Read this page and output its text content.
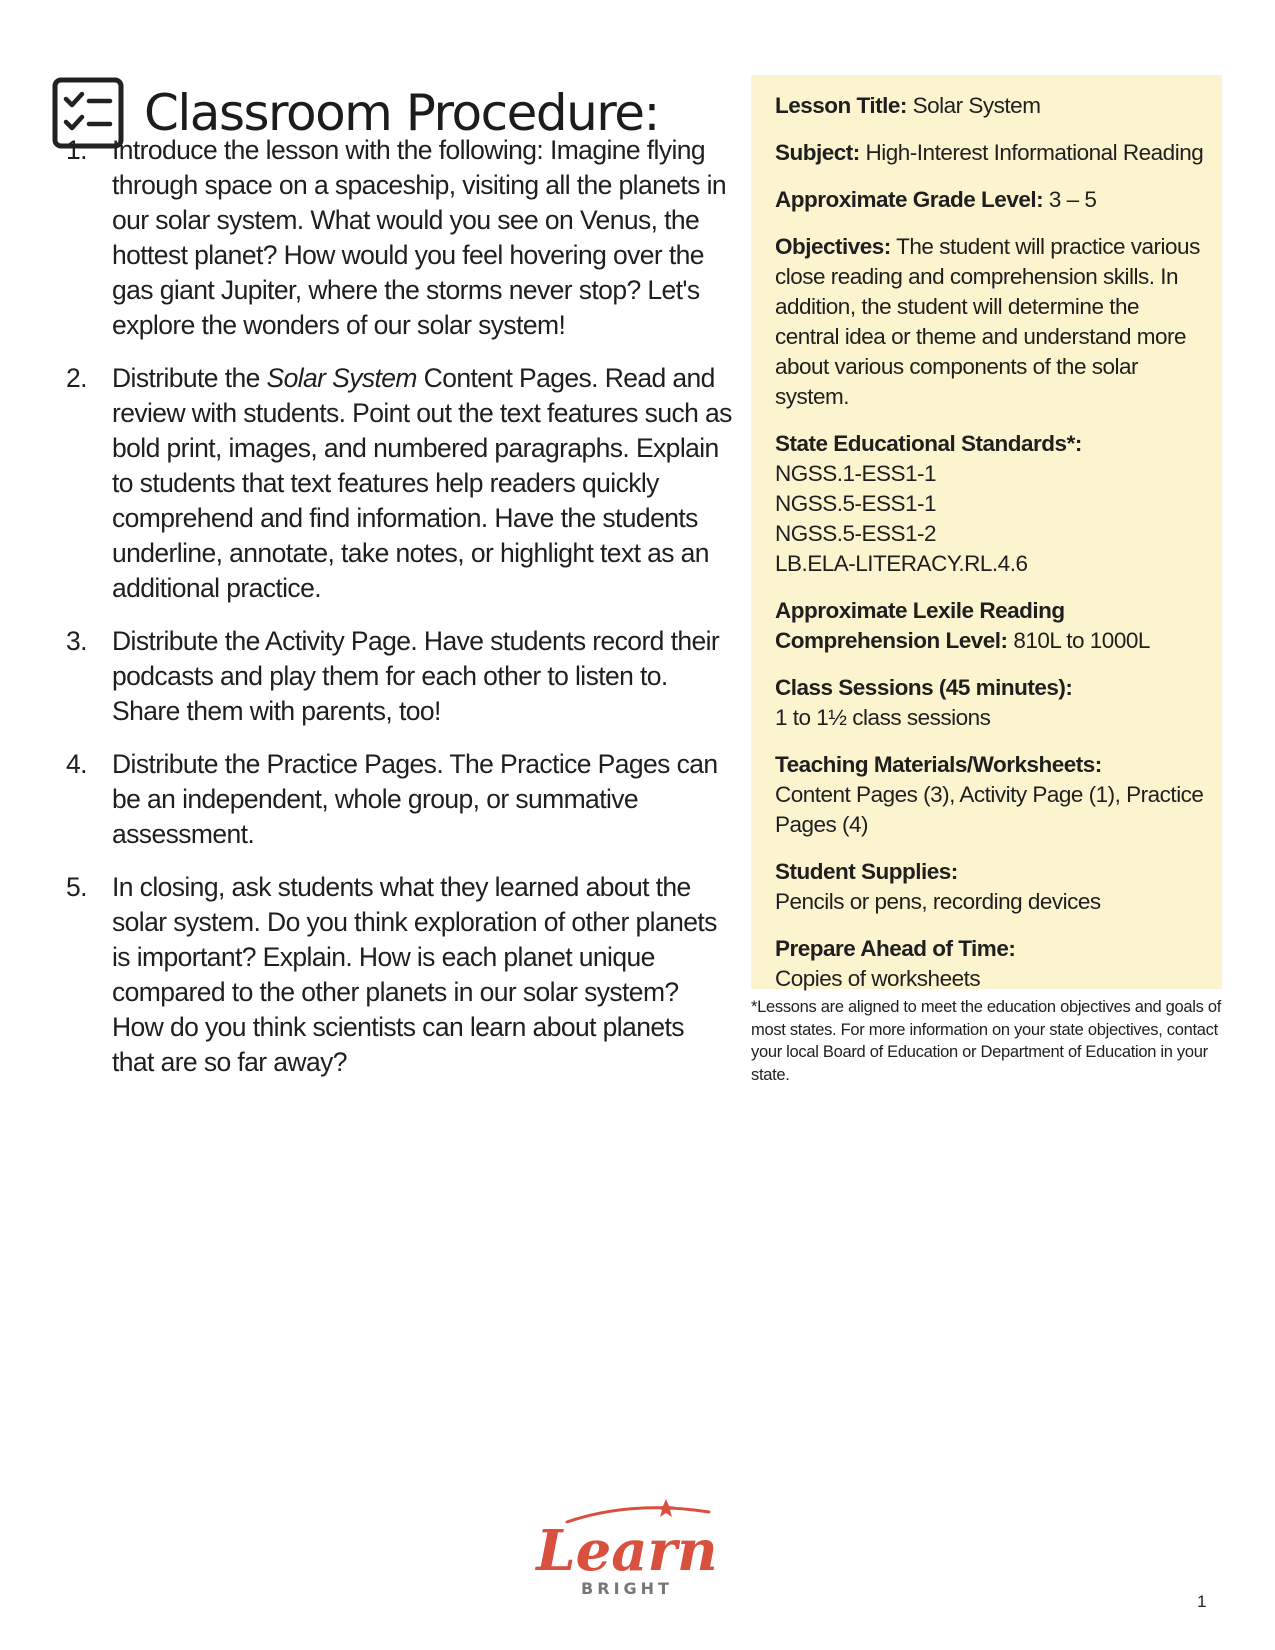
Classroom Procedure:
1. Introduce the lesson with the following: Imagine flying through space on a spaceship, visiting all the planets in our solar system. What would you see on Venus, the hottest planet? How would you feel hovering over the gas giant Jupiter, where the storms never stop? Let's explore the wonders of our solar system!
2. Distribute the Solar System Content Pages. Read and review with students. Point out the text features such as bold print, images, and numbered paragraphs. Explain to students that text features help readers quickly comprehend and find information. Have the students underline, annotate, take notes, or highlight text as an additional practice.
3. Distribute the Activity Page. Have students record their podcasts and play them for each other to listen to. Share them with parents, too!
4. Distribute the Practice Pages. The Practice Pages can be an independent, whole group, or summative assessment.
5. In closing, ask students what they learned about the solar system. Do you think exploration of other planets is important? Explain. How is each planet unique compared to the other planets in our solar system? How do you think scientists can learn about planets that are so far away?
Lesson Title: Solar System
Subject: High-Interest Informational Reading
Approximate Grade Level: 3 – 5
Objectives: The student will practice various close reading and comprehension skills. In addition, the student will determine the central idea or theme and understand more about various components of the solar system.
State Educational Standards*:
NGSS.1-ESS1-1
NGSS.5-ESS1-1
NGSS.5-ESS1-2
LB.ELA-LITERACY.RL.4.6
Approximate Lexile Reading Comprehension Level: 810L to 1000L
Class Sessions (45 minutes):
1 to 1½ class sessions
Teaching Materials/Worksheets:
Content Pages (3), Activity Page (1), Practice Pages (4)
Student Supplies:
Pencils or pens, recording devices
Prepare Ahead of Time:
Copies of worksheets
*Lessons are aligned to meet the education objectives and goals of most states. For more information on your state objectives, contact your local Board of Education or Department of Education in your state.
Learn
BRIGHT
1
